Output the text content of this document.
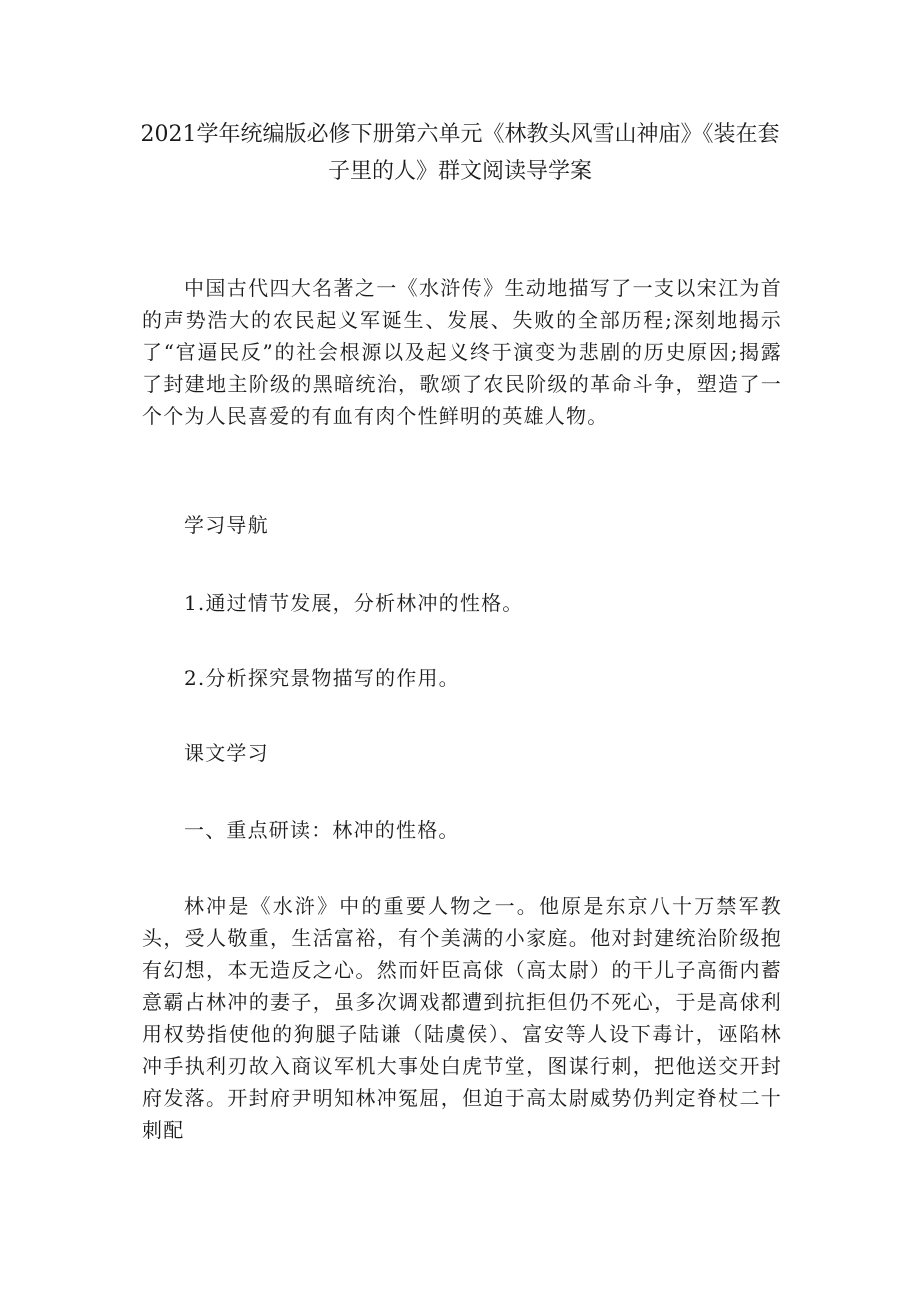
2021学年统编版必修下册第六单元《林教头风雪山神庙》《装在套子里的人》群文阅读导学案

中国古代四大名著之一《水浒传》生动地描写了一支以宋江为首的声势浩大的农民起义军诞生、发展、失败的全部历程;深刻地揭示了“官逼民反”的社会根源以及起义终于演变为悲剧的历史原因;揭露了封建地主阶级的黑暗统治，歌颂了农民阶级的革命斗争，塑造了一个个为人民喜爱的有血有肉个性鲜明的英雄人物。

学习导航

1.通过情节发展，分析林冲的性格。

2.分析探究景物描写的作用。

课文学习

一、重点研读：林冲的性格。

林冲是《水浒》中的重要人物之一。他原是东京八十万禁军教头，受人敬重，生活富裕，有个美满的小家庭。他对封建统治阶级抱有幻想，本无造反之心。然而奸臣高俅（高太尉）的干儿子高衙内蓄意霸占林冲的妻子，虽多次调戏都遭到抗拒但仍不死心，于是高俅利用权势指使他的狗腿子陆谦（陆虞侯）、富安等人设下毒计，诬陷林冲手执利刃故入商议军机大事处白虎节堂，图谋行刺，把他送交开封府发落。开封府尹明知林冲冤屈，但迫于高太尉威势仍判定脊杖二十刺配
